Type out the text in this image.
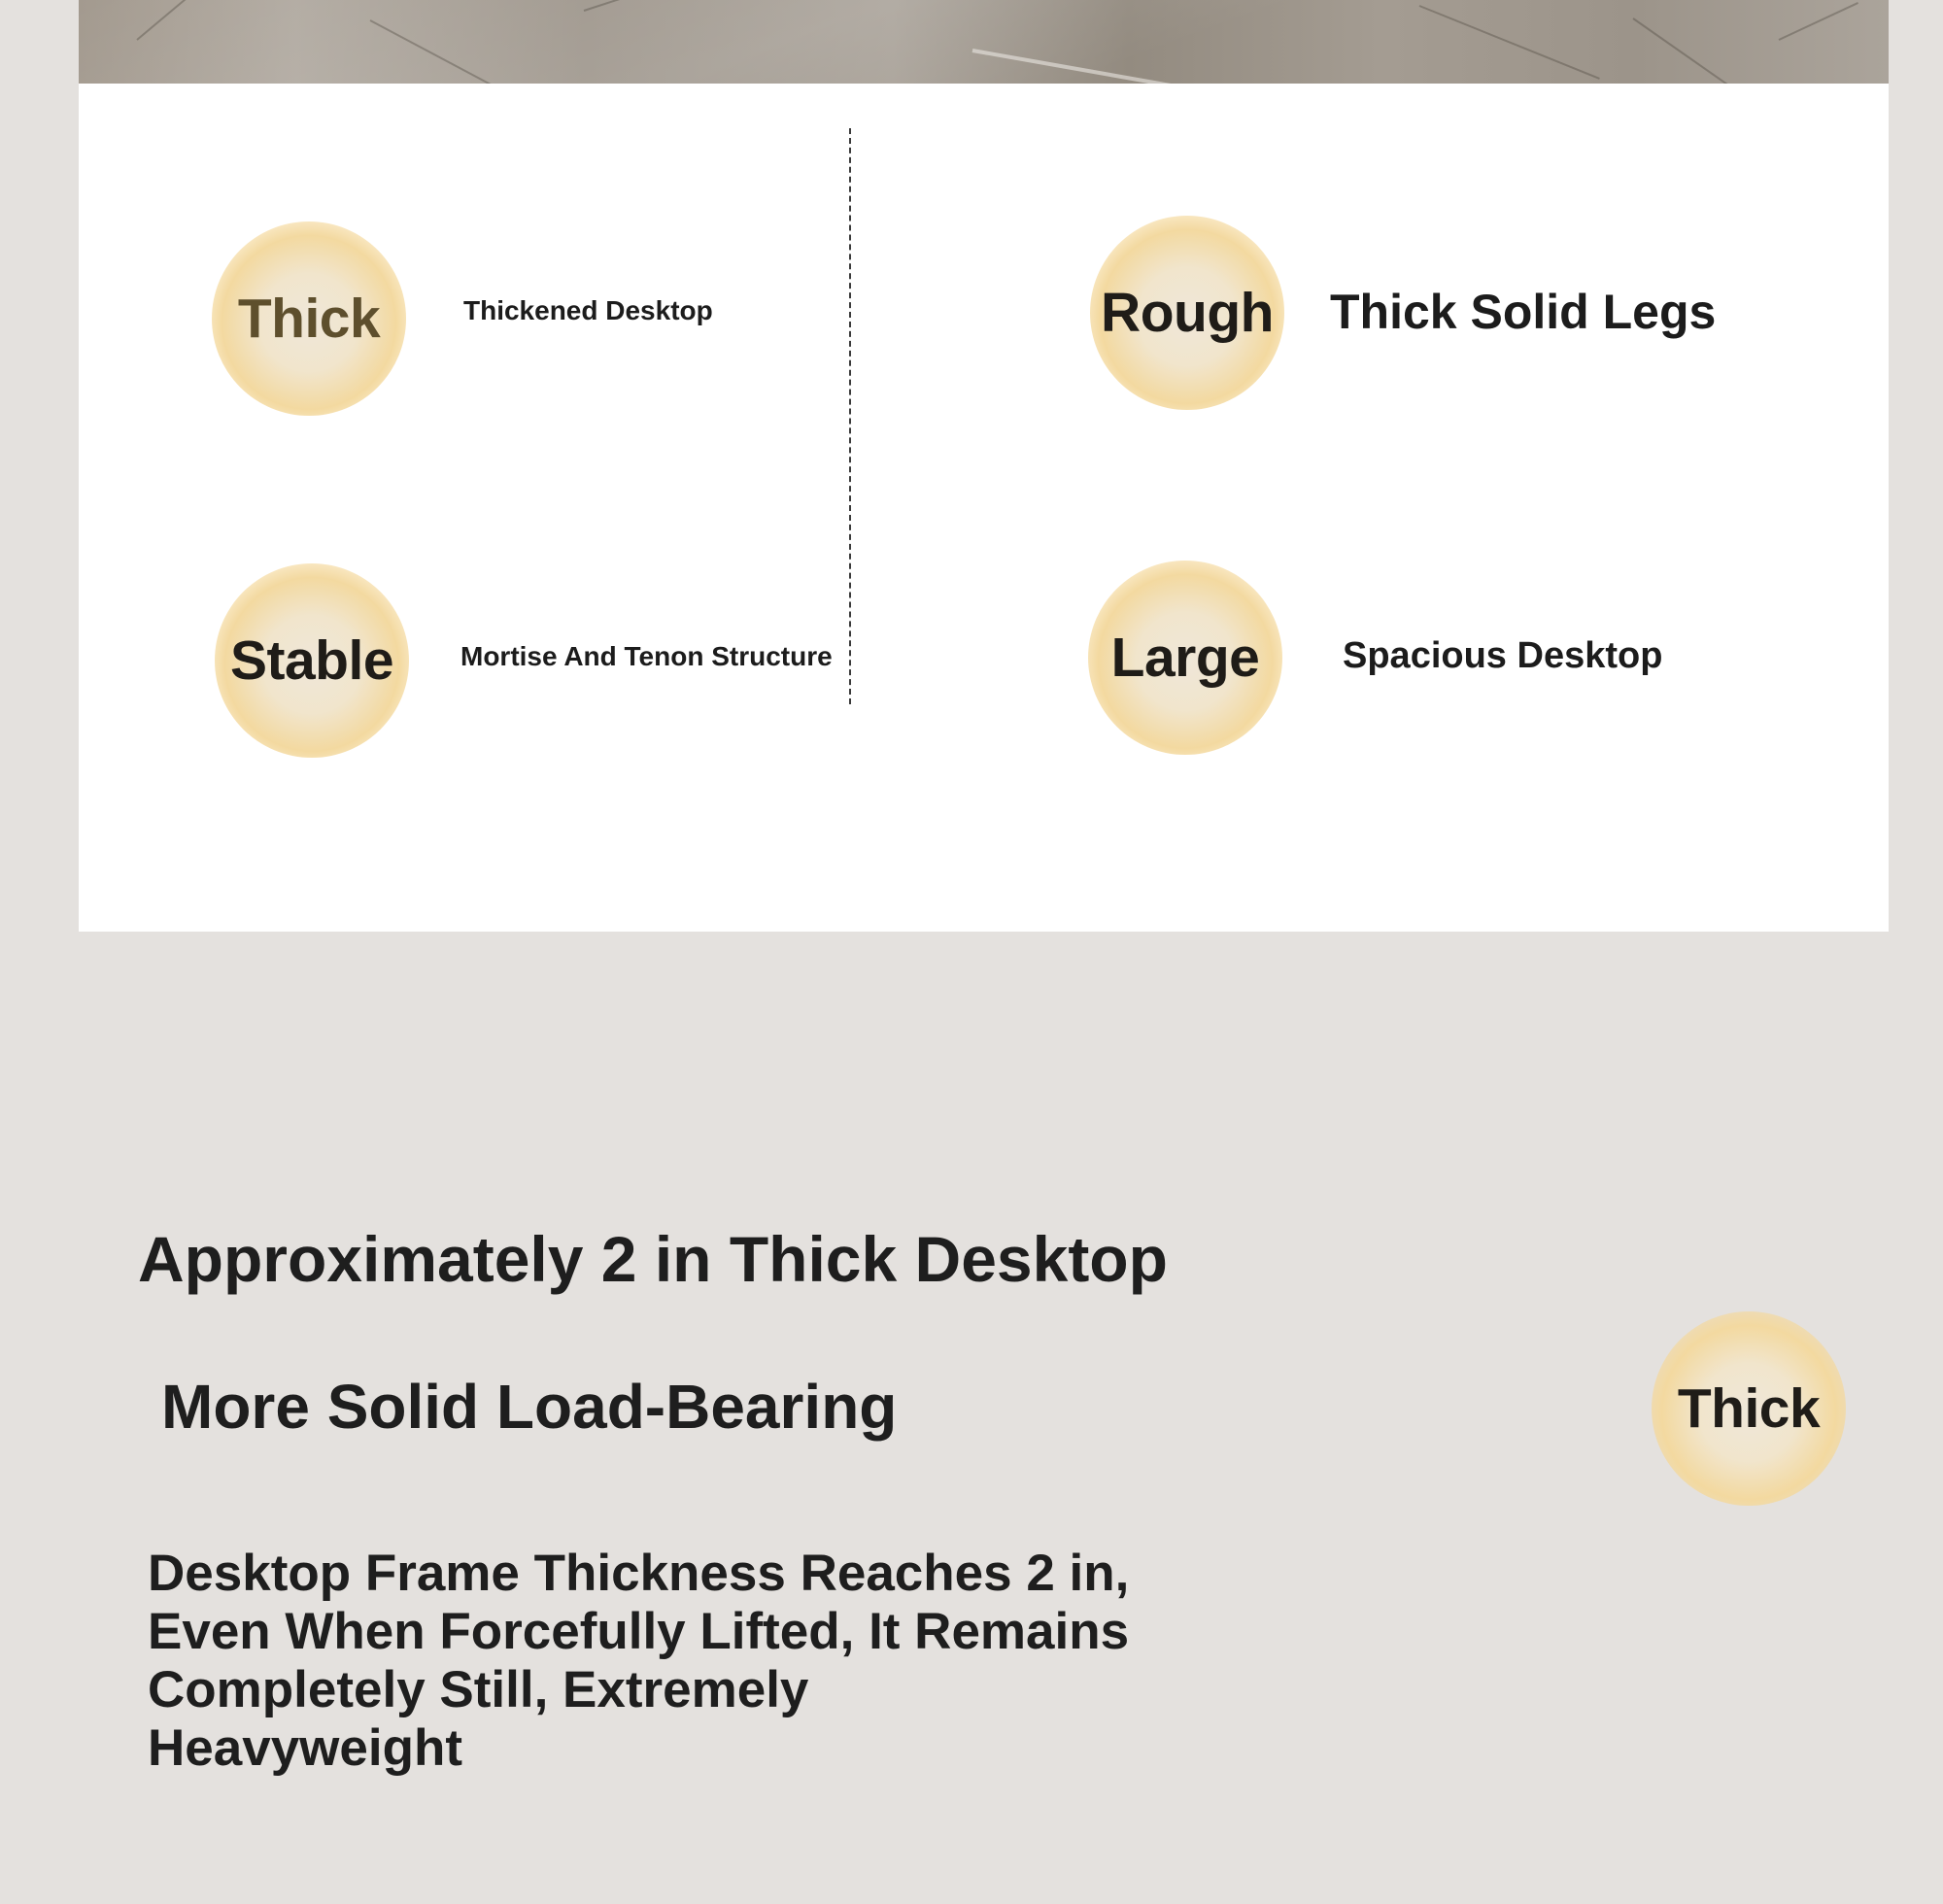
Thick	Thickened Desktop	Rough Thick Solid Legs
Stable Mortise And Tenon Structure	Large Spacious Desktop
Approximately 2 in Thick Desktop
More Solid Load-Bearing	Thick
Desktop Frame Thickness Reaches 2 in,
Even When Forcefully Lifted, It Remains
Completely Still, Extremely
Heavyweight
